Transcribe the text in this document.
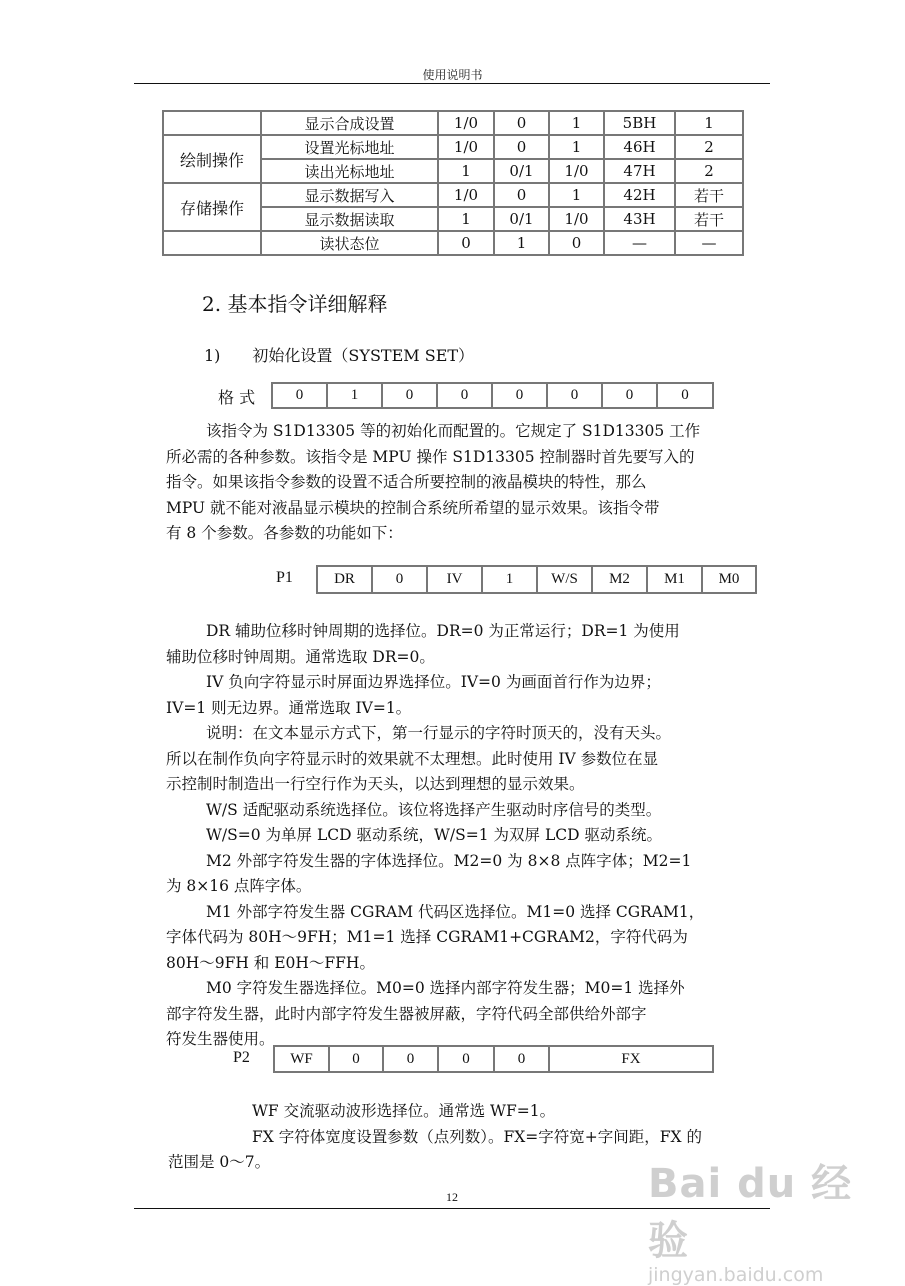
使用说明书
	显示合成设置	1/0	0	1	5BH	1
绘制操作	设置光标地址	1/0	0	1	46H	2
	读出光标地址	1	0/1	1/0	47H	2
存储操作	显示数据写入	1/0	0	1	42H	若干
	显示数据读取	1	0/1	1/0	43H	若干
	读状态位	0	1	0	—	—
2. 基本指令详细解释
1)　　初始化设置（SYSTEM SET）
格 式	0	1	0	0	0	0	0	0

该指令为 S1D13305 等的初始化而配置的。它规定了 S1D13305 工作

所必需的各种参数。该指令是 MPU 操作 S1D13305 控制器时首先要写入的

指令。如果该指令参数的设置不适合所要控制的液晶模块的特性，那么

MPU 就不能对液晶显示模块的控制合系统所希望的显示效果。该指令带

有 8 个参数。各参数的功能如下：

P1	DR	0	IV	1	W/S	M2	M1	M0

DR 辅助位移时钟周期的选择位。DR=0 为正常运行；DR=1 为使用

辅助位移时钟周期。通常选取 DR=0。

IV 负向字符显示时屏面边界选择位。IV=0 为画面首行作为边界；

IV=1 则无边界。通常选取 IV=1。

说明：在文本显示方式下，第一行显示的字符时顶天的，没有天头。

所以在制作负向字符显示时的效果就不太理想。此时使用 IV 参数位在显

示控制时制造出一行空行作为天头，以达到理想的显示效果。

W/S 适配驱动系统选择位。该位将选择产生驱动时序信号的类型。

W/S=0 为单屏 LCD 驱动系统，W/S=1 为双屏 LCD 驱动系统。

M2 外部字符发生器的字体选择位。M2=0 为 8×8 点阵字体；M2=1

为 8×16 点阵字体。

M1 外部字符发生器 CGRAM 代码区选择位。M1=0 选择 CGRAM1，

字体代码为 80H～9FH；M1=1 选择 CGRAM1+CGRAM2，字符代码为

80H～9FH 和 E0H～FFH。

M0 字符发生器选择位。M0=0 选择内部字符发生器；M0=1 选择外

部字符发生器，此时内部字符发生器被屏蔽，字符代码全部供给外部字

符发生器使用。

P2	WF	0	0	0	0	FX

WF 交流驱动波形选择位。通常选 WF=1。

FX 字符体宽度设置参数（点列数）。FX=字符宽+字间距，FX 的

范围是 0～7。

12	Bai du 经验
jingyan.baidu.com
